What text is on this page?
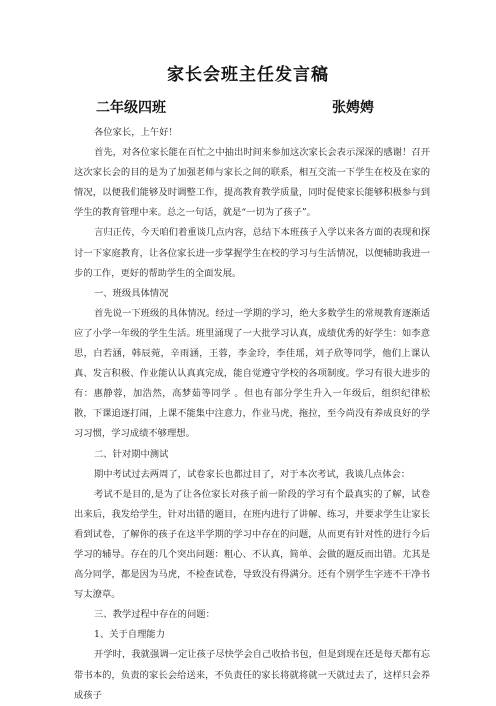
家长会班主任发言稿
二年级四班	张娉娉

各位家长，上午好！

首先，对各位家长能在百忙之中抽出时间来参加这次家长会表示深深的感谢！召开这次家长会的目的是为了加强老师与家长之间的联系，相互交流一下学生在校及在家的情况，以便我们能够及时调整工作，提高教育教学质量，同时促使家长能够积极参与到学生的教育管理中来。总之一句话，就是“一切为了孩子”。

言归正传，今天咱们着重谈几点内容，总结下本班孩子入学以来各方面的表现和探讨一下家庭教育，让各位家长进一步掌握学生在校的学习与生活情况，以便辅助我进一步的工作，更好的帮助学生的全面发展。

一、班级具体情况

首先说一下班级的具体情况。经过一学期的学习，绝大多数学生的常规教育逐渐适应了小学一年级的学生生活。班里涌现了一大批学习认真，成绩优秀的好学生：如李意思，白若涵，韩辰菀，辛雨涵，王蓉，李金玲，李佳瑶，刘子欣等同学，他们上课认真、发言积极、作业能认认真真完成，能自觉遵守学校的各项制度。学习有很大进步的有：惠静蓉，加浩然，高梦茹等同学 。但也有部分学生升入一年级后，组织纪律松散，下课追逐打闹，上课不能集中注意力，作业马虎，拖拉，至今尚没有养成良好的学习习惯，学习成绩不够理想。

二、针对期中测试

期中考试过去两周了，试卷家长也都过目了，对于本次考试，我谈几点体会：

考试不是目的,是为了让各位家长对孩子前一阶段的学习有个最真实的了解，试卷出来后，我发给学生，针对出错的题目，在班内进行了讲解、练习，并要求学生让家长看到试卷，了解你的孩子在这半学期的学习中存在的问题，从而更有针对性的进行今后学习的辅导。存在的几个突出问题：粗心、不认真，简单、会做的题反而出错。尤其是高分同学，都是因为马虎，不检查试卷，导致没有得满分。还有个别学生字迹不干净书写太潦草。

三、教学过程中存在的问题：

1、关于自理能力

开学时，我就强调一定让孩子尽快学会自己收拾书包，但是到现在还是每天都有忘带书本的，负责的家长会给送来，不负责任的家长将就将就一天就过去了，这样只会养成孩子
